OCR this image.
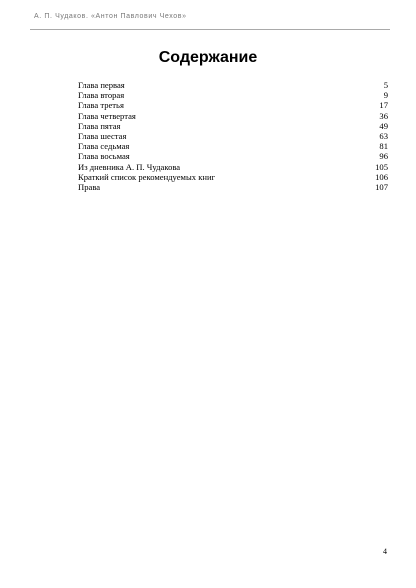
А. П. Чудаков. «Антон Павлович Чехов»
Содержание
Глава первая	5
Глава вторая	9
Глава третья	17
Глава четвертая	36
Глава пятая	49
Глава шестая	63
Глава седьмая	81
Глава восьмая	96
Из дневника А. П. Чудакова	105
Краткий список рекомендуемых книг	106
Права	107
4
